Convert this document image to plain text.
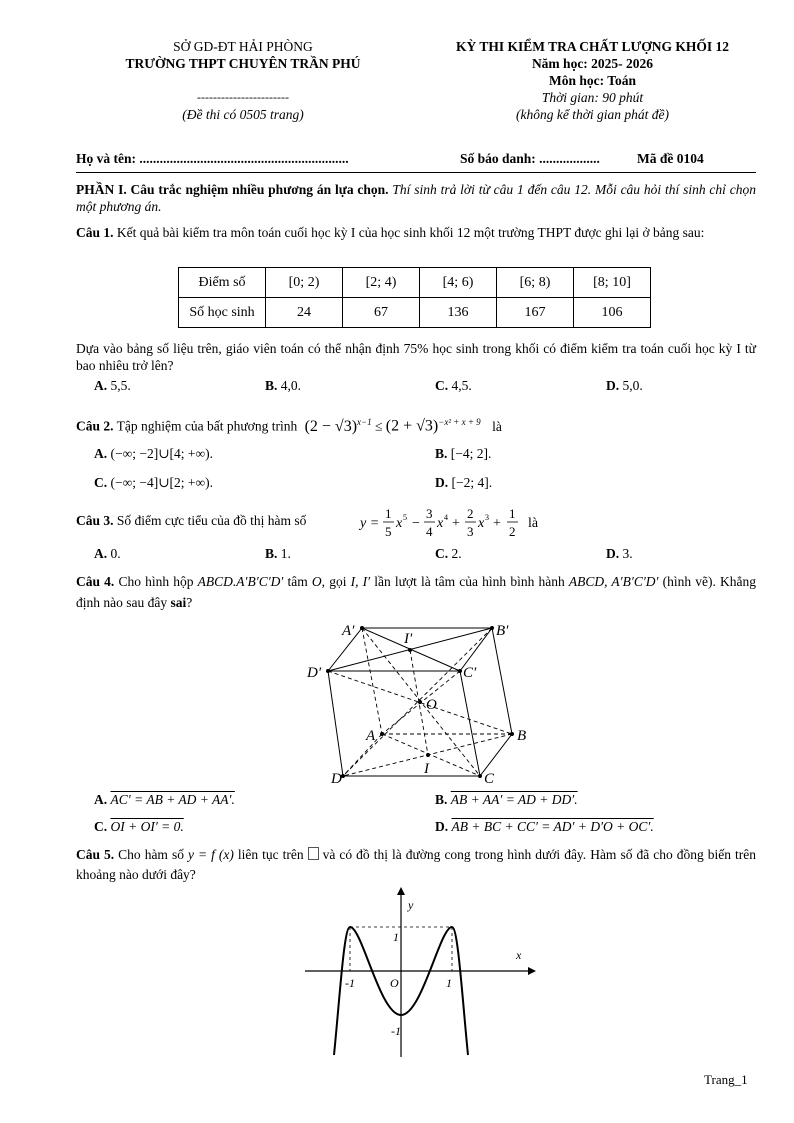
SỞ GD-ĐT HẢI PHÒNG
TRƯỜNG THPT CHUYÊN TRẦN PHÚ
-----------------------
(Đề thi có 0505 trang)
KỲ THI KIỂM TRA CHẤT LƯỢNG KHỐI 12
Năm học: 2025- 2026
Môn học: Toán
Thời gian: 90 phút
(không kể thời gian phát đề)
Họ và tên: ..............................................................	Số báo danh: ..................	Mã đề 0104
PHẦN I. Câu trắc nghiệm nhiều phương án lựa chọn. Thí sinh trả lời từ câu 1 đến câu 12. Mỗi câu hỏi thí sinh chỉ chọn một phương án.
Câu 1. Kết quả bài kiểm tra môn toán cuối học kỳ I của học sinh khối 12 một trường THPT được ghi lại ở bảng sau:
Điểm số	[0; 2)	[2; 4)	[4; 6)	[6; 8)	[8; 10]
Số học sinh	24	67	136	167	106
Dựa vào bảng số liệu trên, giáo viên toán có thể nhận định 75% học sinh trong khối có điểm kiểm tra toán cuối học kỳ I từ bao nhiêu trở lên?
A. 5,5.	B. 4,0.	C. 4,5.	D. 5,0.
Câu 2. Tập nghiệm của bất phương trình $(2 - √3)^{x-1} \le (2 + √3)^{-x^2 + x + 9}$ là
A. (−∞; −2]∪[4; +∞).	B. [−4; 2].
C. (−∞; −4]∪[2; +∞).	D. [−2; 4].
Câu 3. Số điểm cực tiểu của đồ thị hàm số	y =
1
5
x 5 −
3
4
x 4 +
2
3
x 3 +
1
2
là
A. 0.	B. 1.	C. 2.	D. 3.
Câu 4. Cho hình hộp ABCD.A′B′C′D′ tâm O, gọi I, I′ lần lượt là tâm của hình bình hành ABCD, A′B′C′D′ (hình vẽ). Khẳng định nào sau đây sai?
A′	B′
C′
D′
I′
O
A	B
C
D
I
A. AC′ = AB + AD + AA′.	B. AB + AA′ = AD + DD′.
C. OI + OI′ = 0.	D. AB + BC + CC′ = AD′ + D′O + OC′.
Câu 5. Cho hàm số y = f (x) liên tục trên và có đồ thị là đường cong trong hình dưới đây. Hàm số đã cho đồng biến trên khoảng nào dưới đây?
y
x
1
-1	O	1
-1
Trang_1
